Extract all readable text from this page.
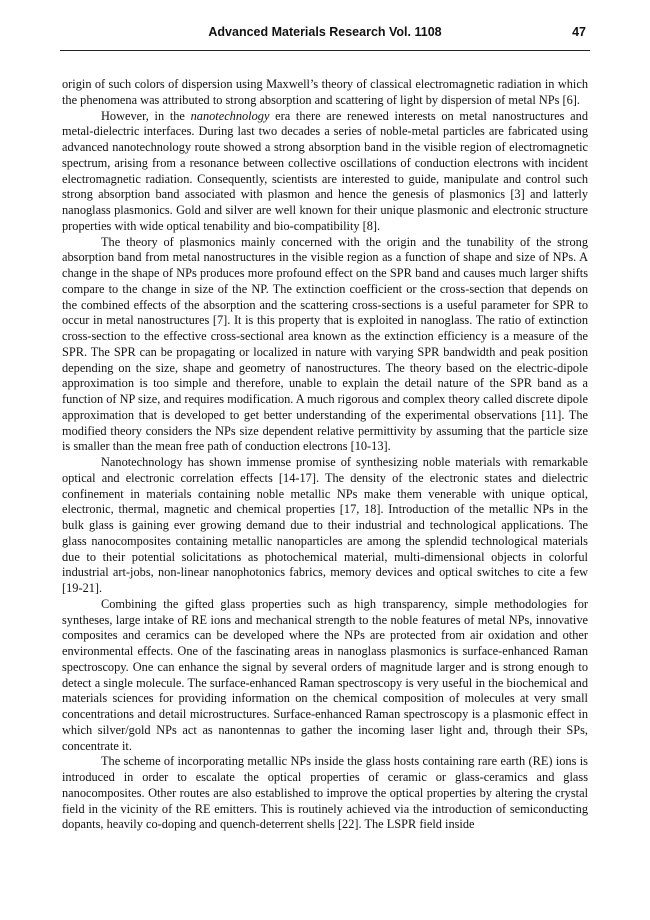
Advanced Materials Research Vol. 1108	47

origin of such colors of dispersion using Maxwell’s theory of classical electromagnetic radiation in which the phenomena was attributed to strong absorption and scattering of light by dispersion of metal NPs [6].

However, in the nanotechnology era there are renewed interests on metal nanostructures and metal-dielectric interfaces. During last two decades a series of noble-metal particles are fabricated using advanced nanotechnology route showed a strong absorption band in the visible region of electromagnetic spectrum, arising from a resonance between collective oscillations of conduction electrons with incident electromagnetic radiation. Consequently, scientists are interested to guide, manipulate and control such strong absorption band associated with plasmon and hence the genesis of plasmonics [3] and latterly nanoglass plasmonics. Gold and silver are well known for their unique plasmonic and electronic structure properties with wide optical tenability and bio-compatibility [8].

The theory of plasmonics mainly concerned with the origin and the tunability of the strong absorption band from metal nanostructures in the visible region as a function of shape and size of NPs. A change in the shape of NPs produces more profound effect on the SPR band and causes much larger shifts compare to the change in size of the NP. The extinction coefficient or the cross-section that depends on the combined effects of the absorption and the scattering cross-sections is a useful parameter for SPR to occur in metal nanostructures [7]. It is this property that is exploited in nanoglass. The ratio of extinction cross-section to the effective cross-sectional area known as the extinction efficiency is a measure of the SPR. The SPR can be propagating or localized in nature with varying SPR bandwidth and peak position depending on the size, shape and geometry of nanostructures. The theory based on the electric-dipole approximation is too simple and therefore, unable to explain the detail nature of the SPR band as a function of NP size, and requires modification. A much rigorous and complex theory called discrete dipole approximation that is developed to get better understanding of the experimental observations [11]. The modified theory considers the NPs size dependent relative permittivity by assuming that the particle size is smaller than the mean free path of conduction electrons [10-13].

Nanotechnology has shown immense promise of synthesizing noble materials with remarkable optical and electronic correlation effects [14-17]. The density of the electronic states and dielectric confinement in materials containing noble metallic NPs make them venerable with unique optical, electronic, thermal, magnetic and chemical properties [17, 18]. Introduction of the metallic NPs in the bulk glass is gaining ever growing demand due to their industrial and technological applications. The glass nanocomposites containing metallic nanoparticles are among the splendid technological materials due to their potential solicitations as photochemical material, multi-dimensional objects in colorful industrial art-jobs, non-linear nanophotonics fabrics, memory devices and optical switches to cite a few [19-21].

Combining the gifted glass properties such as high transparency, simple methodologies for syntheses, large intake of RE ions and mechanical strength to the noble features of metal NPs, innovative composites and ceramics can be developed where the NPs are protected from air oxidation and other environmental effects. One of the fascinating areas in nanoglass plasmonics is surface-enhanced Raman spectroscopy. One can enhance the signal by several orders of magnitude larger and is strong enough to detect a single molecule. The surface-enhanced Raman spectroscopy is very useful in the biochemical and materials sciences for providing information on the chemical composition of molecules at very small concentrations and detail microstructures. Surface-enhanced Raman spectroscopy is a plasmonic effect in which silver/gold NPs act as nanontennas to gather the incoming laser light and, through their SPs, concentrate it.

The scheme of incorporating metallic NPs inside the glass hosts containing rare earth (RE) ions is introduced in order to escalate the optical properties of ceramic or glass-ceramics and glass nanocomposites. Other routes are also established to improve the optical properties by altering the crystal field in the vicinity of the RE emitters. This is routinely achieved via the introduction of semiconducting dopants, heavily co-doping and quench-deterrent shells [22]. The LSPR field inside
